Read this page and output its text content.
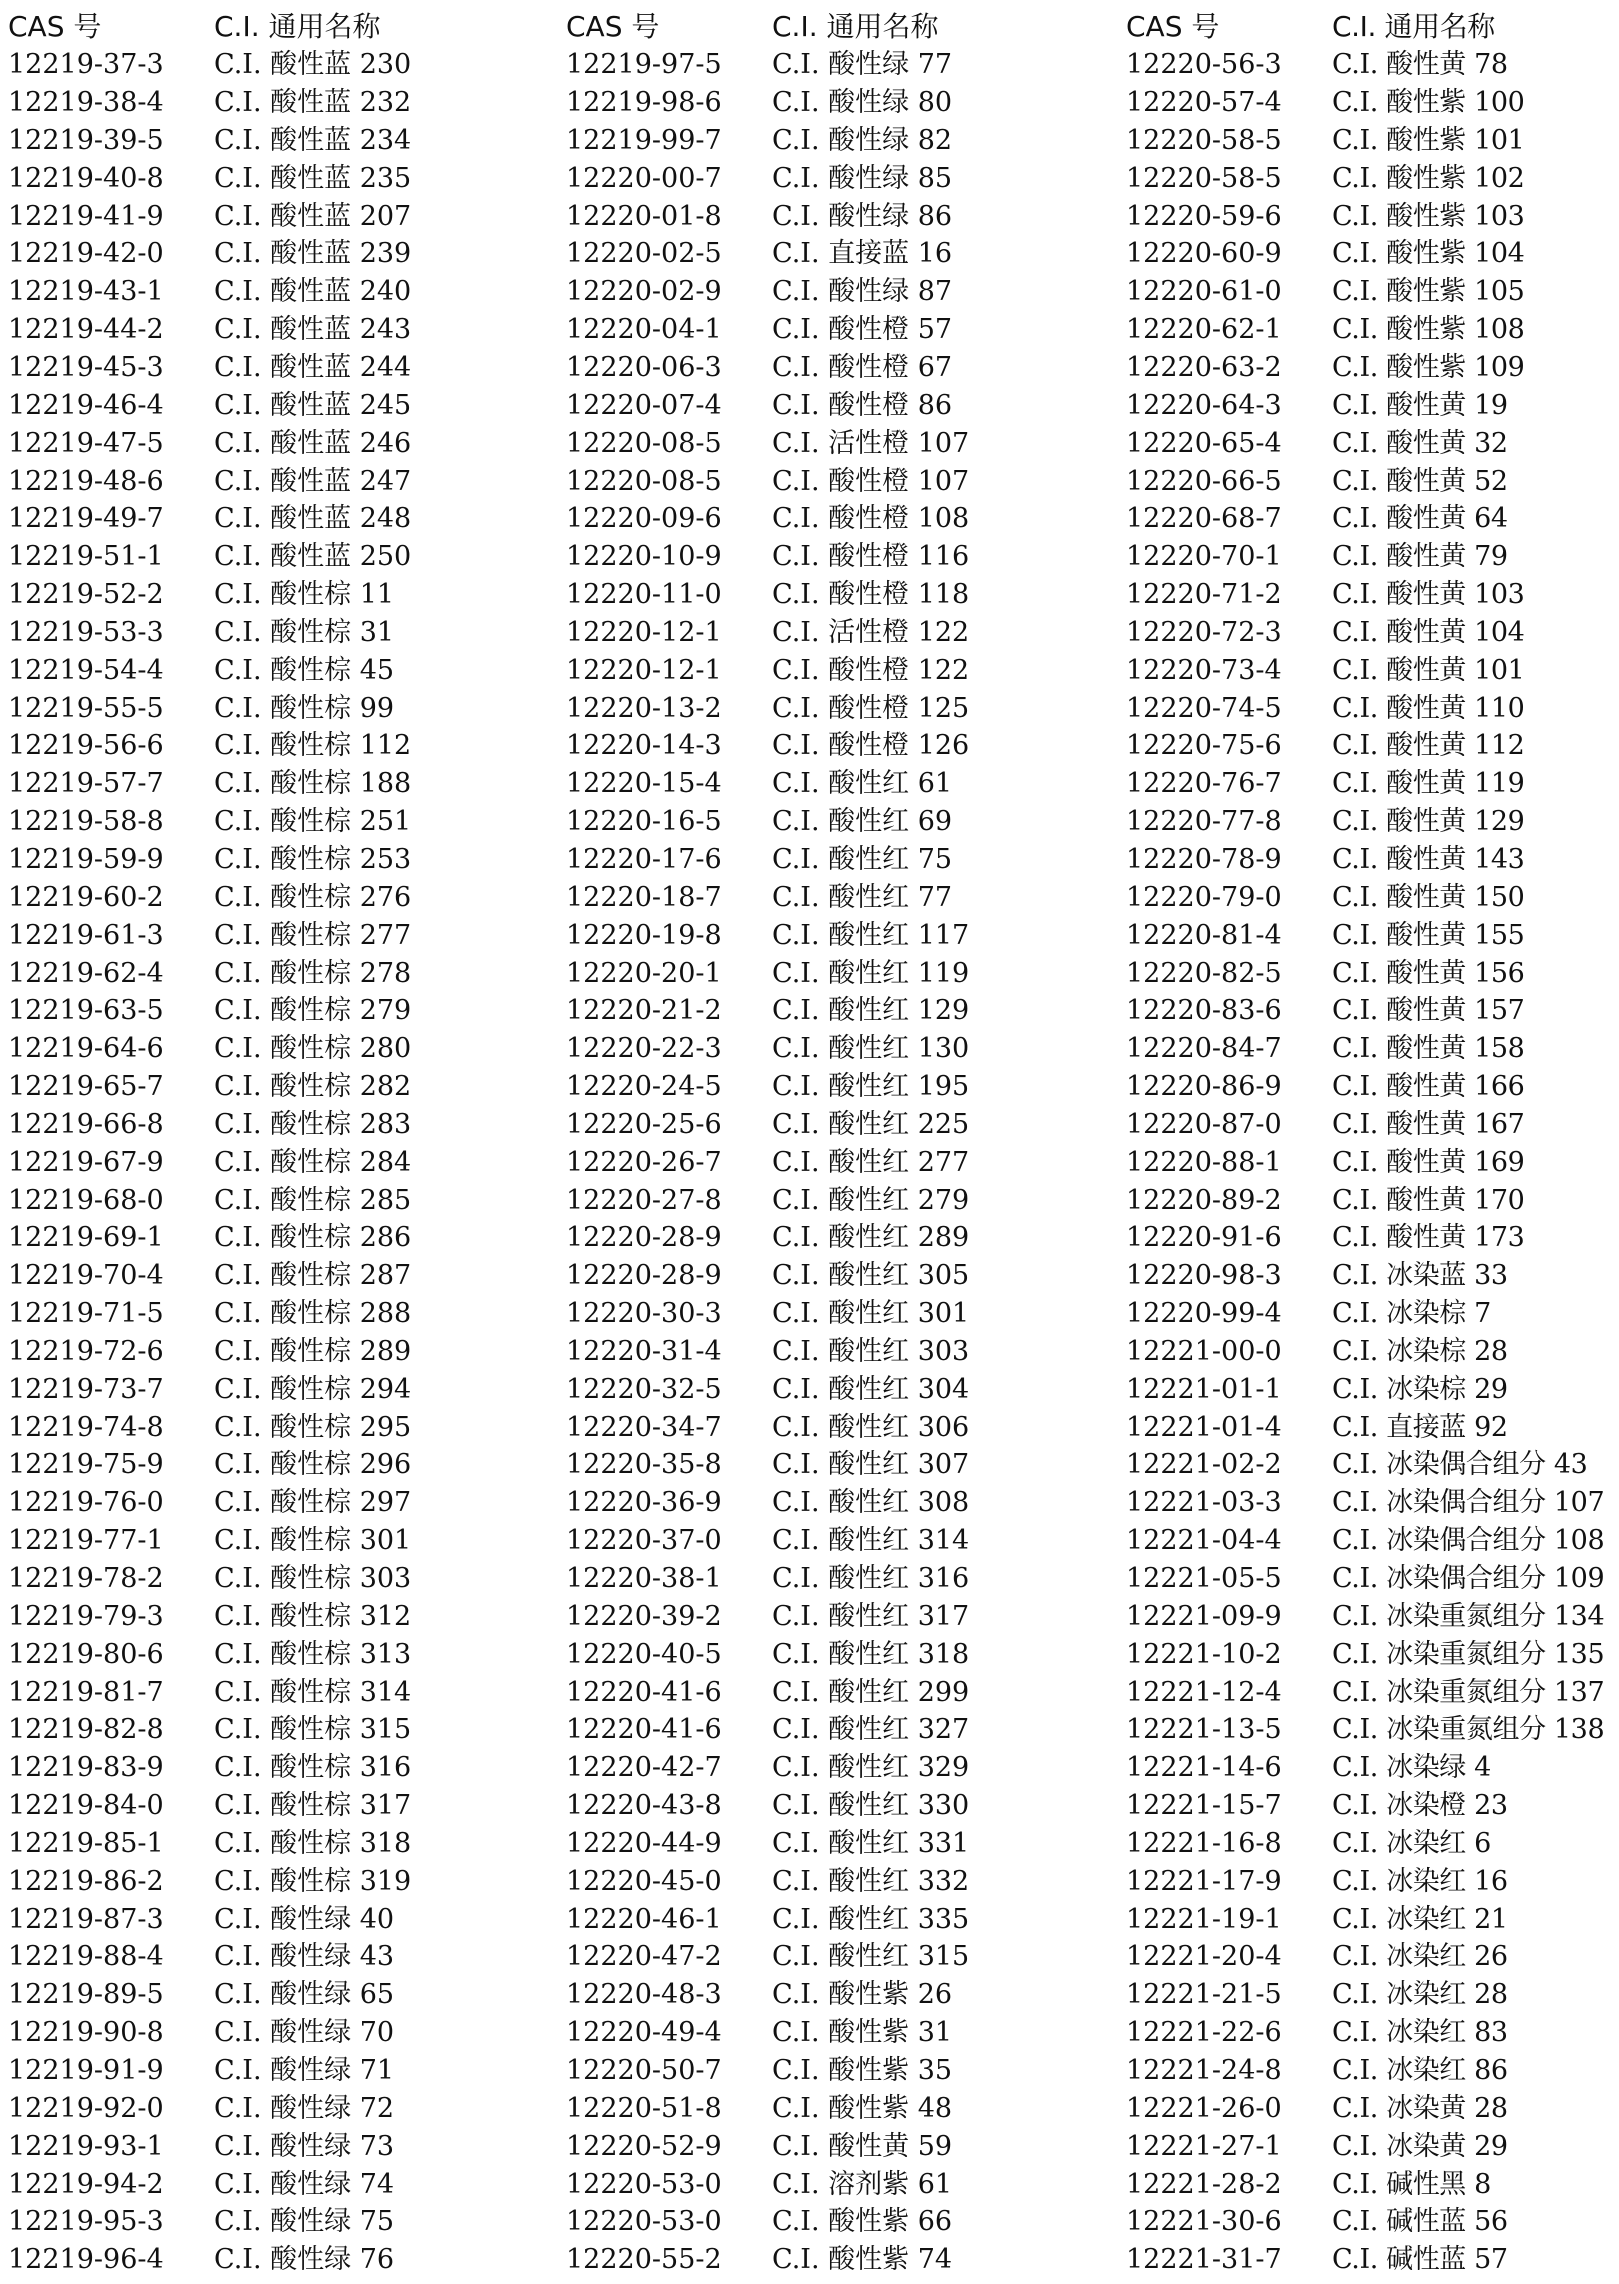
CAS 号	C.I. 通用名称
12219-37-3	C.I. 酸性蓝 230
12219-38-4	C.I. 酸性蓝 232
12219-39-5	C.I. 酸性蓝 234
12219-40-8	C.I. 酸性蓝 235
12219-41-9	C.I. 酸性蓝 207
12219-42-0	C.I. 酸性蓝 239
12219-43-1	C.I. 酸性蓝 240
12219-44-2	C.I. 酸性蓝 243
12219-45-3	C.I. 酸性蓝 244
12219-46-4	C.I. 酸性蓝 245
12219-47-5	C.I. 酸性蓝 246
12219-48-6	C.I. 酸性蓝 247
12219-49-7	C.I. 酸性蓝 248
12219-51-1	C.I. 酸性蓝 250
12219-52-2	C.I. 酸性棕 11
12219-53-3	C.I. 酸性棕 31
12219-54-4	C.I. 酸性棕 45
12219-55-5	C.I. 酸性棕 99
12219-56-6	C.I. 酸性棕 112
12219-57-7	C.I. 酸性棕 188
12219-58-8	C.I. 酸性棕 251
12219-59-9	C.I. 酸性棕 253
12219-60-2	C.I. 酸性棕 276
12219-61-3	C.I. 酸性棕 277
12219-62-4	C.I. 酸性棕 278
12219-63-5	C.I. 酸性棕 279
12219-64-6	C.I. 酸性棕 280
12219-65-7	C.I. 酸性棕 282
12219-66-8	C.I. 酸性棕 283
12219-67-9	C.I. 酸性棕 284
12219-68-0	C.I. 酸性棕 285
12219-69-1	C.I. 酸性棕 286
12219-70-4	C.I. 酸性棕 287
12219-71-5	C.I. 酸性棕 288
12219-72-6	C.I. 酸性棕 289
12219-73-7	C.I. 酸性棕 294
12219-74-8	C.I. 酸性棕 295
12219-75-9	C.I. 酸性棕 296
12219-76-0	C.I. 酸性棕 297
12219-77-1	C.I. 酸性棕 301
12219-78-2	C.I. 酸性棕 303
12219-79-3	C.I. 酸性棕 312
12219-80-6	C.I. 酸性棕 313
12219-81-7	C.I. 酸性棕 314
12219-82-8	C.I. 酸性棕 315
12219-83-9	C.I. 酸性棕 316
12219-84-0	C.I. 酸性棕 317
12219-85-1	C.I. 酸性棕 318
12219-86-2	C.I. 酸性棕 319
12219-87-3	C.I. 酸性绿 40
12219-88-4	C.I. 酸性绿 43
12219-89-5	C.I. 酸性绿 65
12219-90-8	C.I. 酸性绿 70
12219-91-9	C.I. 酸性绿 71
12219-92-0	C.I. 酸性绿 72
12219-93-1	C.I. 酸性绿 73
12219-94-2	C.I. 酸性绿 74
12219-95-3	C.I. 酸性绿 75
12219-96-4	C.I. 酸性绿 76
CAS 号	C.I. 通用名称
12219-97-5	C.I. 酸性绿 77
12219-98-6	C.I. 酸性绿 80
12219-99-7	C.I. 酸性绿 82
12220-00-7	C.I. 酸性绿 85
12220-01-8	C.I. 酸性绿 86
12220-02-5	C.I. 直接蓝 16
12220-02-9	C.I. 酸性绿 87
12220-04-1	C.I. 酸性橙 57
12220-06-3	C.I. 酸性橙 67
12220-07-4	C.I. 酸性橙 86
12220-08-5	C.I. 活性橙 107
12220-08-5	C.I. 酸性橙 107
12220-09-6	C.I. 酸性橙 108
12220-10-9	C.I. 酸性橙 116
12220-11-0	C.I. 酸性橙 118
12220-12-1	C.I. 活性橙 122
12220-12-1	C.I. 酸性橙 122
12220-13-2	C.I. 酸性橙 125
12220-14-3	C.I. 酸性橙 126
12220-15-4	C.I. 酸性红 61
12220-16-5	C.I. 酸性红 69
12220-17-6	C.I. 酸性红 75
12220-18-7	C.I. 酸性红 77
12220-19-8	C.I. 酸性红 117
12220-20-1	C.I. 酸性红 119
12220-21-2	C.I. 酸性红 129
12220-22-3	C.I. 酸性红 130
12220-24-5	C.I. 酸性红 195
12220-25-6	C.I. 酸性红 225
12220-26-7	C.I. 酸性红 277
12220-27-8	C.I. 酸性红 279
12220-28-9	C.I. 酸性红 289
12220-28-9	C.I. 酸性红 305
12220-30-3	C.I. 酸性红 301
12220-31-4	C.I. 酸性红 303
12220-32-5	C.I. 酸性红 304
12220-34-7	C.I. 酸性红 306
12220-35-8	C.I. 酸性红 307
12220-36-9	C.I. 酸性红 308
12220-37-0	C.I. 酸性红 314
12220-38-1	C.I. 酸性红 316
12220-39-2	C.I. 酸性红 317
12220-40-5	C.I. 酸性红 318
12220-41-6	C.I. 酸性红 299
12220-41-6	C.I. 酸性红 327
12220-42-7	C.I. 酸性红 329
12220-43-8	C.I. 酸性红 330
12220-44-9	C.I. 酸性红 331
12220-45-0	C.I. 酸性红 332
12220-46-1	C.I. 酸性红 335
12220-47-2	C.I. 酸性红 315
12220-48-3	C.I. 酸性紫 26
12220-49-4	C.I. 酸性紫 31
12220-50-7	C.I. 酸性紫 35
12220-51-8	C.I. 酸性紫 48
12220-52-9	C.I. 酸性黄 59
12220-53-0	C.I. 溶剂紫 61
12220-53-0	C.I. 酸性紫 66
12220-55-2	C.I. 酸性紫 74
CAS 号	C.I. 通用名称
12220-56-3	C.I. 酸性黄 78
12220-57-4	C.I. 酸性紫 100
12220-58-5	C.I. 酸性紫 101
12220-58-5	C.I. 酸性紫 102
12220-59-6	C.I. 酸性紫 103
12220-60-9	C.I. 酸性紫 104
12220-61-0	C.I. 酸性紫 105
12220-62-1	C.I. 酸性紫 108
12220-63-2	C.I. 酸性紫 109
12220-64-3	C.I. 酸性黄 19
12220-65-4	C.I. 酸性黄 32
12220-66-5	C.I. 酸性黄 52
12220-68-7	C.I. 酸性黄 64
12220-70-1	C.I. 酸性黄 79
12220-71-2	C.I. 酸性黄 103
12220-72-3	C.I. 酸性黄 104
12220-73-4	C.I. 酸性黄 101
12220-74-5	C.I. 酸性黄 110
12220-75-6	C.I. 酸性黄 112
12220-76-7	C.I. 酸性黄 119
12220-77-8	C.I. 酸性黄 129
12220-78-9	C.I. 酸性黄 143
12220-79-0	C.I. 酸性黄 150
12220-81-4	C.I. 酸性黄 155
12220-82-5	C.I. 酸性黄 156
12220-83-6	C.I. 酸性黄 157
12220-84-7	C.I. 酸性黄 158
12220-86-9	C.I. 酸性黄 166
12220-87-0	C.I. 酸性黄 167
12220-88-1	C.I. 酸性黄 169
12220-89-2	C.I. 酸性黄 170
12220-91-6	C.I. 酸性黄 173
12220-98-3	C.I. 冰染蓝 33
12220-99-4	C.I. 冰染棕 7
12221-00-0	C.I. 冰染棕 28
12221-01-1	C.I. 冰染棕 29
12221-01-4	C.I. 直接蓝 92
12221-02-2	C.I. 冰染偶合组分 43
12221-03-3	C.I. 冰染偶合组分 107
12221-04-4	C.I. 冰染偶合组分 108
12221-05-5	C.I. 冰染偶合组分 109
12221-09-9	C.I. 冰染重氮组分 134
12221-10-2	C.I. 冰染重氮组分 135
12221-12-4	C.I. 冰染重氮组分 137
12221-13-5	C.I. 冰染重氮组分 138
12221-14-6	C.I. 冰染绿 4
12221-15-7	C.I. 冰染橙 23
12221-16-8	C.I. 冰染红 6
12221-17-9	C.I. 冰染红 16
12221-19-1	C.I. 冰染红 21
12221-20-4	C.I. 冰染红 26
12221-21-5	C.I. 冰染红 28
12221-22-6	C.I. 冰染红 83
12221-24-8	C.I. 冰染红 86
12221-26-0	C.I. 冰染黄 28
12221-27-1	C.I. 冰染黄 29
12221-28-2	C.I. 碱性黑 8
12221-30-6	C.I. 碱性蓝 56
12221-31-7	C.I. 碱性蓝 57
